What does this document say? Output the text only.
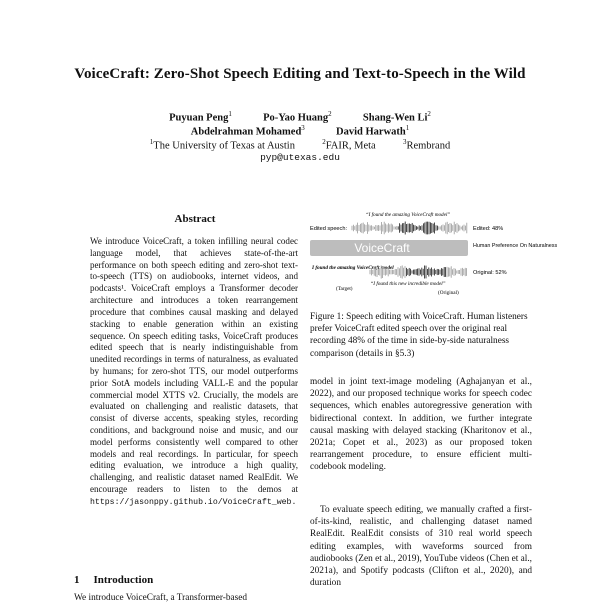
VoiceCraft: Zero-Shot Speech Editing and Text-to-Speech in the Wild
Puyuan Peng$^1$	Po-Yao Huang$^2$	Shang-Wen Li$^2$
Abdelrahman Mohamed$^3$	David Harwath$^1$
$^1$The University of Texas at Austin	$^2$FAIR, Meta	$^3$Rembrand
pyp@utexas.edu
Abstract
We introduce VoiceCraft, a token infilling neural codec language model, that achieves state-of-the-art performance on both speech editing and zero-shot text-to-speech (TTS) on audiobooks, internet videos, and podcasts¹. VoiceCraft employs a Transformer decoder architecture and introduces a token rearrangement procedure that combines causal masking and delayed stacking to enable generation within an existing sequence. On speech editing tasks, VoiceCraft produces edited speech that is nearly indistinguishable from unedited recordings in terms of naturalness, as evaluated by humans; for zero-shot TTS, our model outperforms prior SotA models including VALL-E and the popular commercial model XTTS v2. Crucially, the models are evaluated on challenging and realistic datasets, that consist of diverse accents, speaking styles, recording conditions, and background noise and music, and our model performs consistently well compared to other models and real recordings. In particular, for speech editing evaluation, we introduce a high quality, challenging, and realistic dataset named RealEdit. We encourage readers to listen to the demos at https://jasonppy.github.io/VoiceCraft_web.
1 Introduction
We introduce VoiceCraft, a Transformer-based
“I found the amazing VoiceCraft model”
Edited speech:	Edited: 48%
VoiceCraft	Human Preference On Naturalness
I found the amazing VoiceCraft model
(Target)
Original: 52%
“I found this new incredible model”
(Original)
Figure 1: Speech editing with VoiceCraft. Human listeners prefer VoiceCraft edited speech over the original real recording 48% of the time in side-by-side naturalness comparison (details in §5.3)
model in joint text-image modeling (Aghajanyan et al., 2022), and our proposed technique works for speech codec sequences, which enables autoregressive generation with bidirectional context. In addition, we further integrate causal masking with delayed stacking (Kharitonov et al., 2021a; Copet et al., 2023) as our proposed token rearrangement procedure, to ensure efficient multi-codebook modeling.
To evaluate speech editing, we manually crafted a first-of-its-kind, realistic, and challenging dataset named RealEdit. RealEdit consists of 310 real world speech editing examples, with waveforms sourced from audiobooks (Zen et al., 2019), YouTube videos (Chen et al., 2021a), and Spotify podcasts (Clifton et al., 2020), and duration
